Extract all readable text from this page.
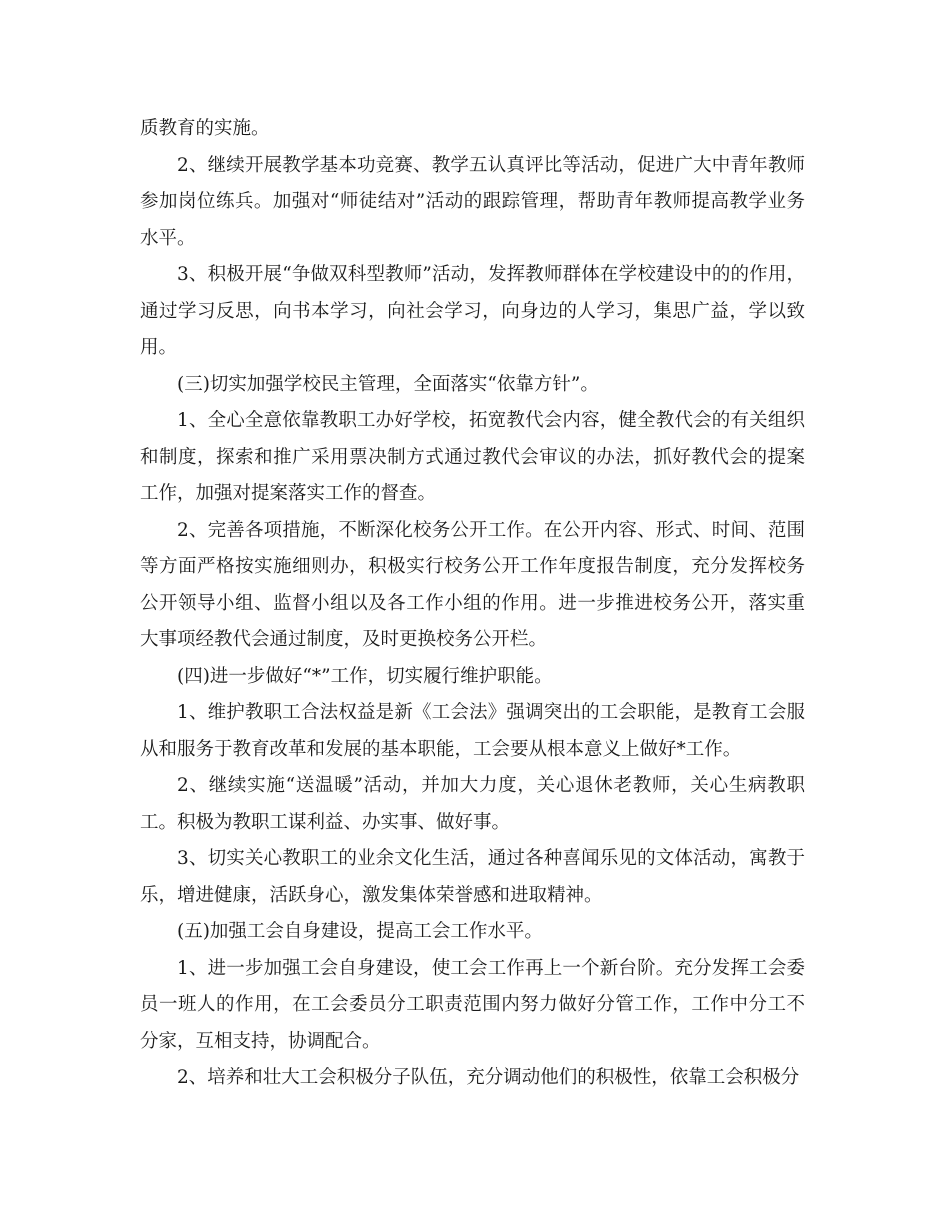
质教育的实施。

2、继续开展教学基本功竞赛、教学五认真评比等活动，促进广大中青年教师参加岗位练兵。加强对“师徒结对”活动的跟踪管理，帮助青年教师提高教学业务水平。

3、积极开展“争做双科型教师”活动，发挥教师群体在学校建设中的的作用，通过学习反思，向书本学习，向社会学习，向身边的人学习，集思广益，学以致用。

(三)切实加强学校民主管理，全面落实“依靠方针”。

1、全心全意依靠教职工办好学校，拓宽教代会内容，健全教代会的有关组织和制度，探索和推广采用票决制方式通过教代会审议的办法，抓好教代会的提案工作，加强对提案落实工作的督查。

2、完善各项措施，不断深化校务公开工作。在公开内容、形式、时间、范围等方面严格按实施细则办，积极实行校务公开工作年度报告制度，充分发挥校务公开领导小组、监督小组以及各工作小组的作用。进一步推进校务公开，落实重大事项经教代会通过制度，及时更换校务公开栏。

(四)进一步做好“*”工作，切实履行维护职能。

1、维护教职工合法权益是新《工会法》强调突出的工会职能，是教育工会服从和服务于教育改革和发展的基本职能，工会要从根本意义上做好*工作。

2、继续实施“送温暖”活动，并加大力度，关心退休老教师，关心生病教职工。积极为教职工谋利益、办实事、做好事。

3、切实关心教职工的业余文化生活，通过各种喜闻乐见的文体活动，寓教于乐，增进健康，活跃身心，激发集体荣誉感和进取精神。

(五)加强工会自身建设，提高工会工作水平。

1、进一步加强工会自身建设，使工会工作再上一个新台阶。充分发挥工会委员一班人的作用，在工会委员分工职责范围内努力做好分管工作，工作中分工不分家，互相支持，协调配合。

2、培养和壮大工会积极分子队伍，充分调动他们的积极性，依靠工会积极分
